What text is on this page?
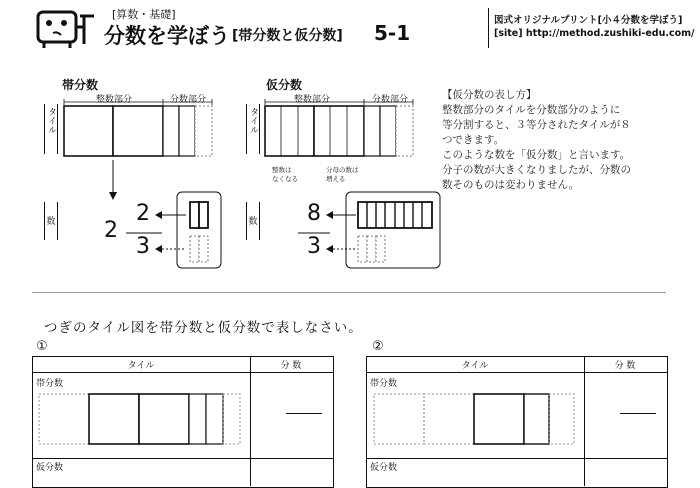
[算数・基礎]
分数を学ぼう [帯分数と仮分数] 5-1
図式オリジナルプリント[小４分数を学ぼう]
[site] http://method.zushiki-edu.com/
帯分数
整数部分	分数部分
タイル
数 2
2
3
仮分数
整数部分	分数部分
タイル
数
整数は
なくなる
分母の数は
増える
8
3
【仮分数の表し方】
整数部分のタイルを分数部分のように
等分割すると、３等分されたタイルが８
つできます。
このような数を「仮分数」と言います。
分子の数が大きくなりましたが、分数の
数そのものは変わりません。
つぎのタイル図を帯分数と仮分数で表しなさい。
①
タイル	分 数
帯分数
仮分数
②
タイル	分 数
帯分数
仮分数
